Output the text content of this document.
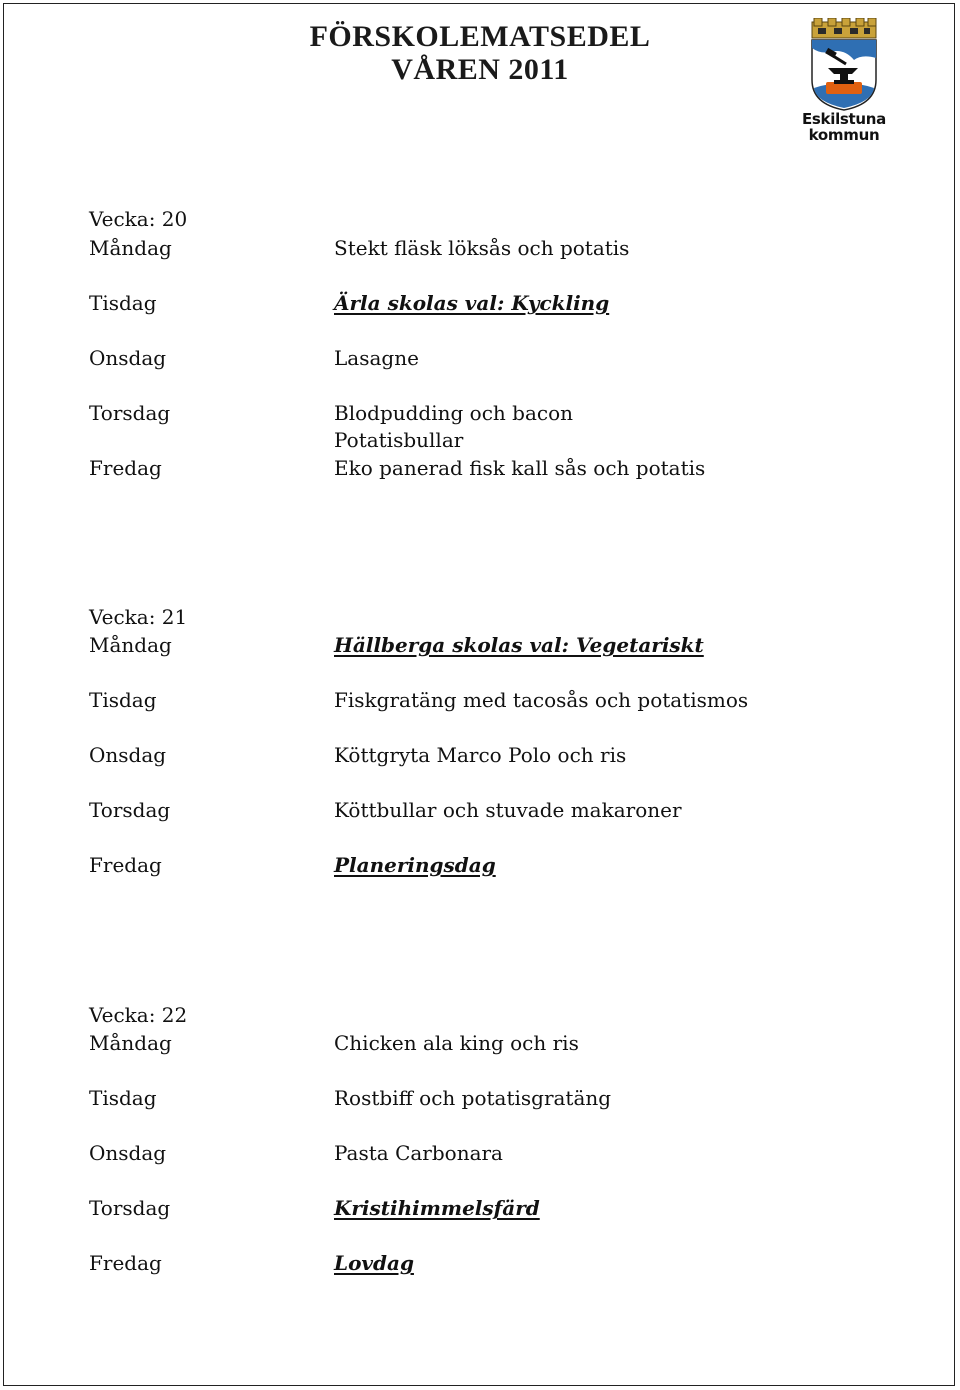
FÖRSKOLEMATSEDEL
VÅREN 2011
Eskilstuna
kommun
Vecka: 20
Måndag	Stekt fläsk löksås och potatis
Tisdag	Ärla skolas val: Kyckling
Onsdag	Lasagne
Torsdag	Blodpudding och bacon
Potatisbullar
Fredag	Eko panerad fisk kall sås och potatis
Vecka: 21
Måndag	Hällberga skolas val: Vegetariskt
Tisdag	Fiskgratäng med tacosås och potatismos
Onsdag	Köttgryta Marco Polo och ris
Torsdag	Köttbullar och stuvade makaroner
Fredag	Planeringsdag
Vecka: 22
Måndag	Chicken ala king och ris
Tisdag	Rostbiff och potatisgratäng
Onsdag	Pasta Carbonara
Torsdag	Kristihimmelsfärd
Fredag	Lovdag
